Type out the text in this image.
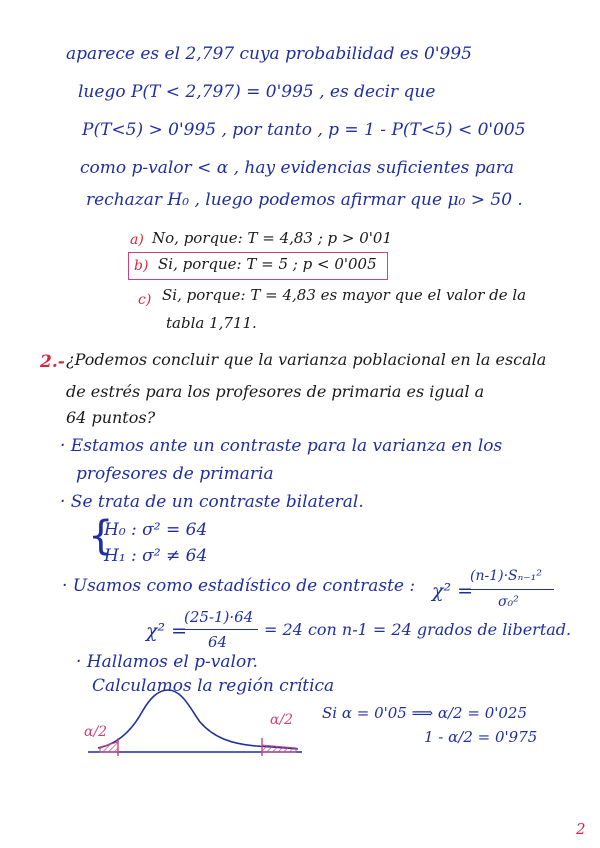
aparece es el 2,797 cuya probabilidad es 0'995
luego P(T < 2,797) = 0'995 , es decir que
P(T<5) > 0'995 , por tanto , p = 1 - P(T<5) < 0'005
como p-valor < α , hay evidencias suficientes para
rechazar H₀ , luego podemos afirmar que μ₀ > 50 .
a) No, porque: T = 4,83 ; p > 0'01
b) Si, porque: T = 5 ; p < 0'005
c) Si, porque: T = 4,83 es mayor que el valor de la
tabla 1,711.
2.- ¿Podemos concluir que la varianza poblacional en la escala
de estrés para los profesores de primaria es igual a
64 puntos?
· Estamos ante un contraste para la varianza en los
profesores de primaria
· Se trata de un contraste bilateral.
{
H₀ : σ² = 64
H₁ : σ² ≠ 64
· Usamos como estadístico de contraste : χ² =
(n-1)·Sₙ₋₁²
σ₀²
χ² =
(25-1)·64
64
= 24 con n-1 = 24 grados de libertad.
· Hallamos el p-valor.
Calculamos la región crítica
α/2
α/2 Si α = 0'05 ⟹ α/2 = 0'025
1 - α/2 = 0'975
2
